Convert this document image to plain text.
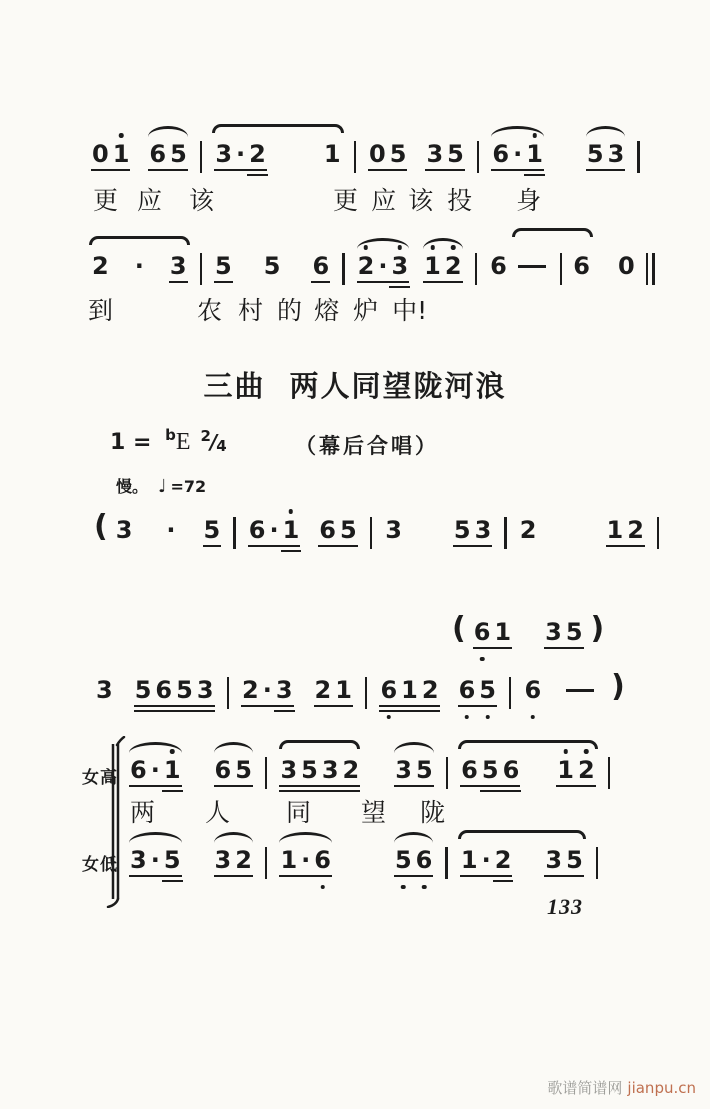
三曲 两人同望陇河浪
1 = $^b$E $^2$/4	（幕后合唱）
慢。 ♩ =72
女高
女低
0 1 6 5 3 · 2 1 0 5 3 5 6 · 1 5 3
更 应 该	更 应 该 投 身
2 · 3 5 5 6 2 · 3 1 2 6	6 0
到	农 村 的 熔 炉 中!
( 3 · 5 6 · 1 6 5 3 5 3 2	1 2
( 6 1 3 5 )
3 5 6 5 3 2 · 3 2 1 6 1 2 6 5 6 )
6 · 1 6 5 3 5 3 2 3 5 6 5 6 1 2
两 人 同 望 陇
3 · 5 3 2 1 · 6	5 6 1 · 2 3 5
133
歌谱简谱网 jianpu.cn
